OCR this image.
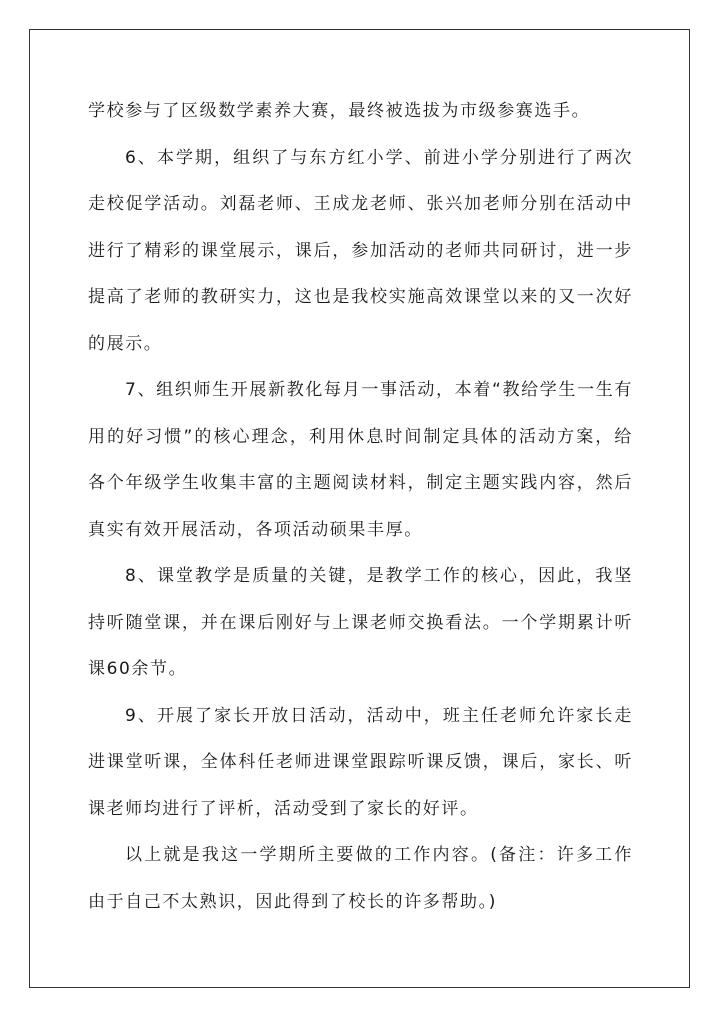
学校参与了区级数学素养大赛，最终被选拔为市级参赛选手。

6、本学期，组织了与东方红小学、前进小学分别进行了两次走校促学活动。刘磊老师、王成龙老师、张兴加老师分别在活动中进行了精彩的课堂展示，课后，参加活动的老师共同研讨，进一步提高了老师的教研实力，这也是我校实施高效课堂以来的又一次好的展示。

7、组织师生开展新教化每月一事活动，本着“教给学生一生有用的好习惯”的核心理念，利用休息时间制定具体的活动方案，给各个年级学生收集丰富的主题阅读材料，制定主题实践内容，然后真实有效开展活动，各项活动硕果丰厚。

8、课堂教学是质量的关键，是教学工作的核心，因此，我坚持听随堂课，并在课后刚好与上课老师交换看法。一个学期累计听课60余节。

9、开展了家长开放日活动，活动中，班主任老师允许家长走进课堂听课，全体科任老师进课堂跟踪听课反馈，课后，家长、听课老师均进行了评析，活动受到了家长的好评。

以上就是我这一学期所主要做的工作内容。(备注：许多工作由于自己不太熟识，因此得到了校长的许多帮助。)
